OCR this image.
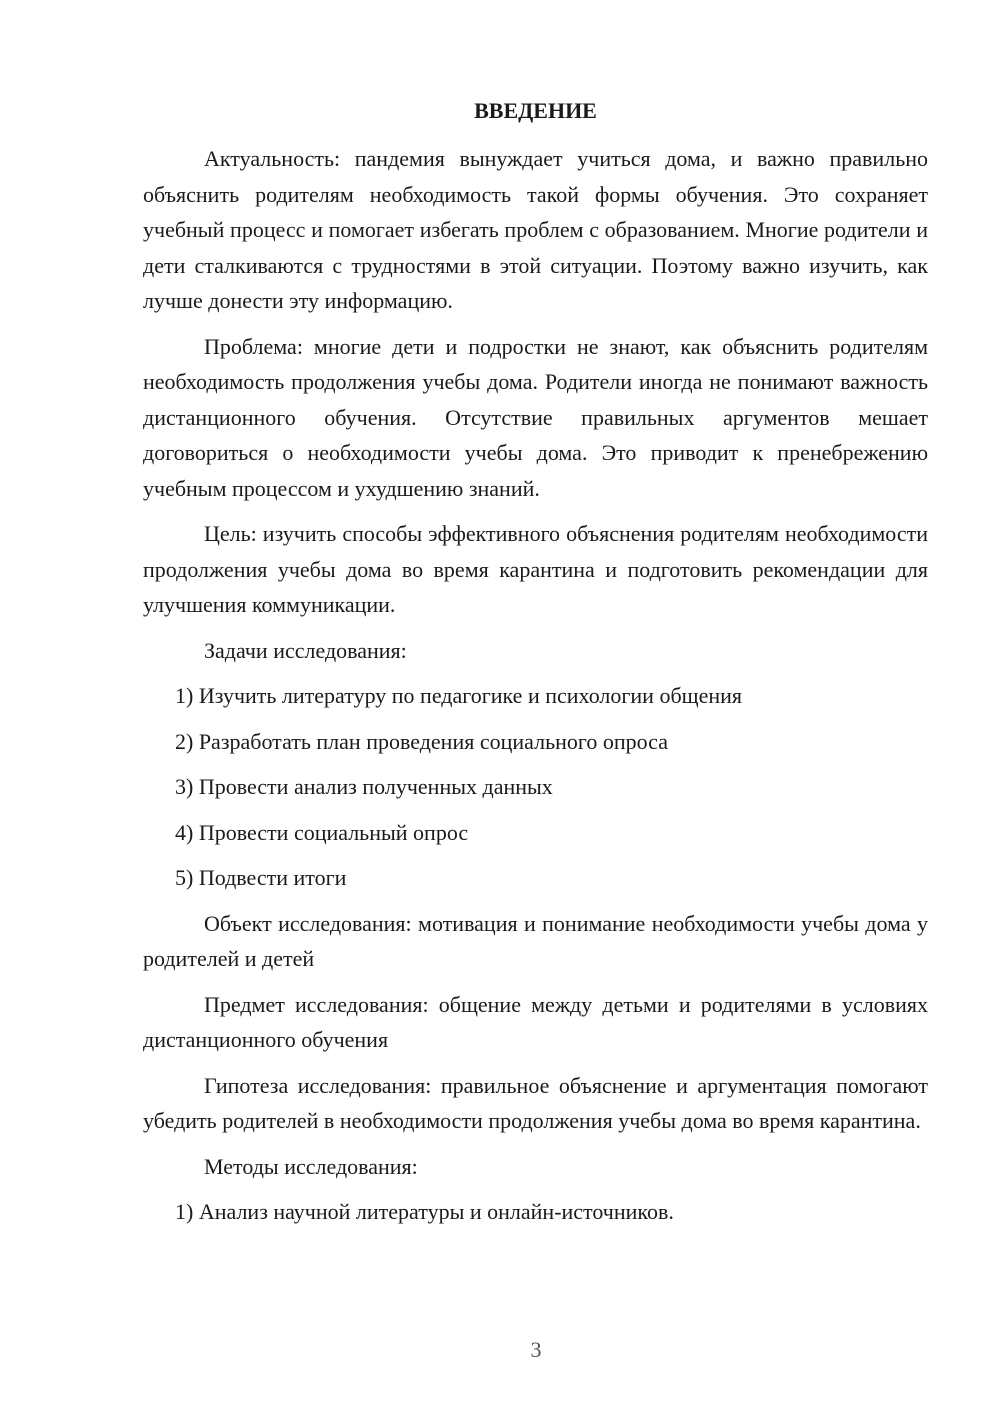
ВВЕДЕНИЕ

Актуальность: пандемия вынуждает учиться дома, и важно правильно объяснить родителям необходимость такой формы обучения. Это сохраняет учебный процесс и помогает избегать проблем с образованием. Многие родители и дети сталкиваются с трудностями в этой ситуации. Поэтому важно изучить, как лучше донести эту информацию.

Проблема: многие дети и подростки не знают, как объяснить родителям необходимость продолжения учебы дома. Родители иногда не понимают важность дистанционного обучения. Отсутствие правильных аргументов мешает договориться о необходимости учебы дома. Это приводит к пренебрежению учебным процессом и ухудшению знаний.

Цель: изучить способы эффективного объяснения родителям необходимости продолжения учебы дома во время карантина и подготовить рекомендации для улучшения коммуникации.

Задачи исследования:
1) Изучить литературу по педагогике и психологии общения
2) Разработать план проведения социального опроса
3) Провести анализ полученных данных
4) Провести социальный опрос
5) Подвести итоги

Объект исследования: мотивация и понимание необходимости учебы дома у родителей и детей

Предмет исследования: общение между детьми и родителями в условиях дистанционного обучения

Гипотеза исследования: правильное объяснение и аргументация помогают убедить родителей в необходимости продолжения учебы дома во время карантина.

Методы исследования:
1) Анализ научной литературы и онлайн-источников.
3
